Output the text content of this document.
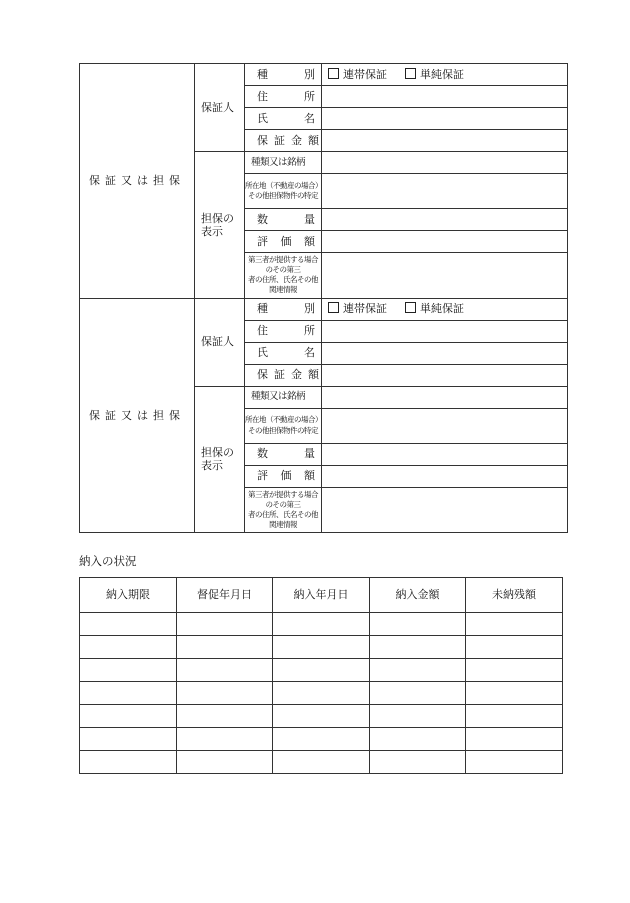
保証又は担保	保証人	種 別	連帯保証 単純保証

		住 所	

		氏 名	

		保 証 金 額	

	担保の
表示	種類又は銘柄	

		所在地（不動産の場合）
その他担保物件の特定	

		数 量	

		評 価 額	

		第三者が提供する場合のその第三
者の住所、氏名その他関連情報	

保証又は担保	保証人	種 別	連帯保証 単純保証

		住 所	

		氏 名	

		保 証 金 額	

	担保の
表示	種類又は銘柄	

		所在地（不動産の場合）
その他担保物件の特定	

		数 量	

		評 価 額	

		第三者が提供する場合のその第三
者の住所、氏名その他関連情報	

納入の状況
納入期限	督促年月日	納入年月日	納入金額	未納残額
